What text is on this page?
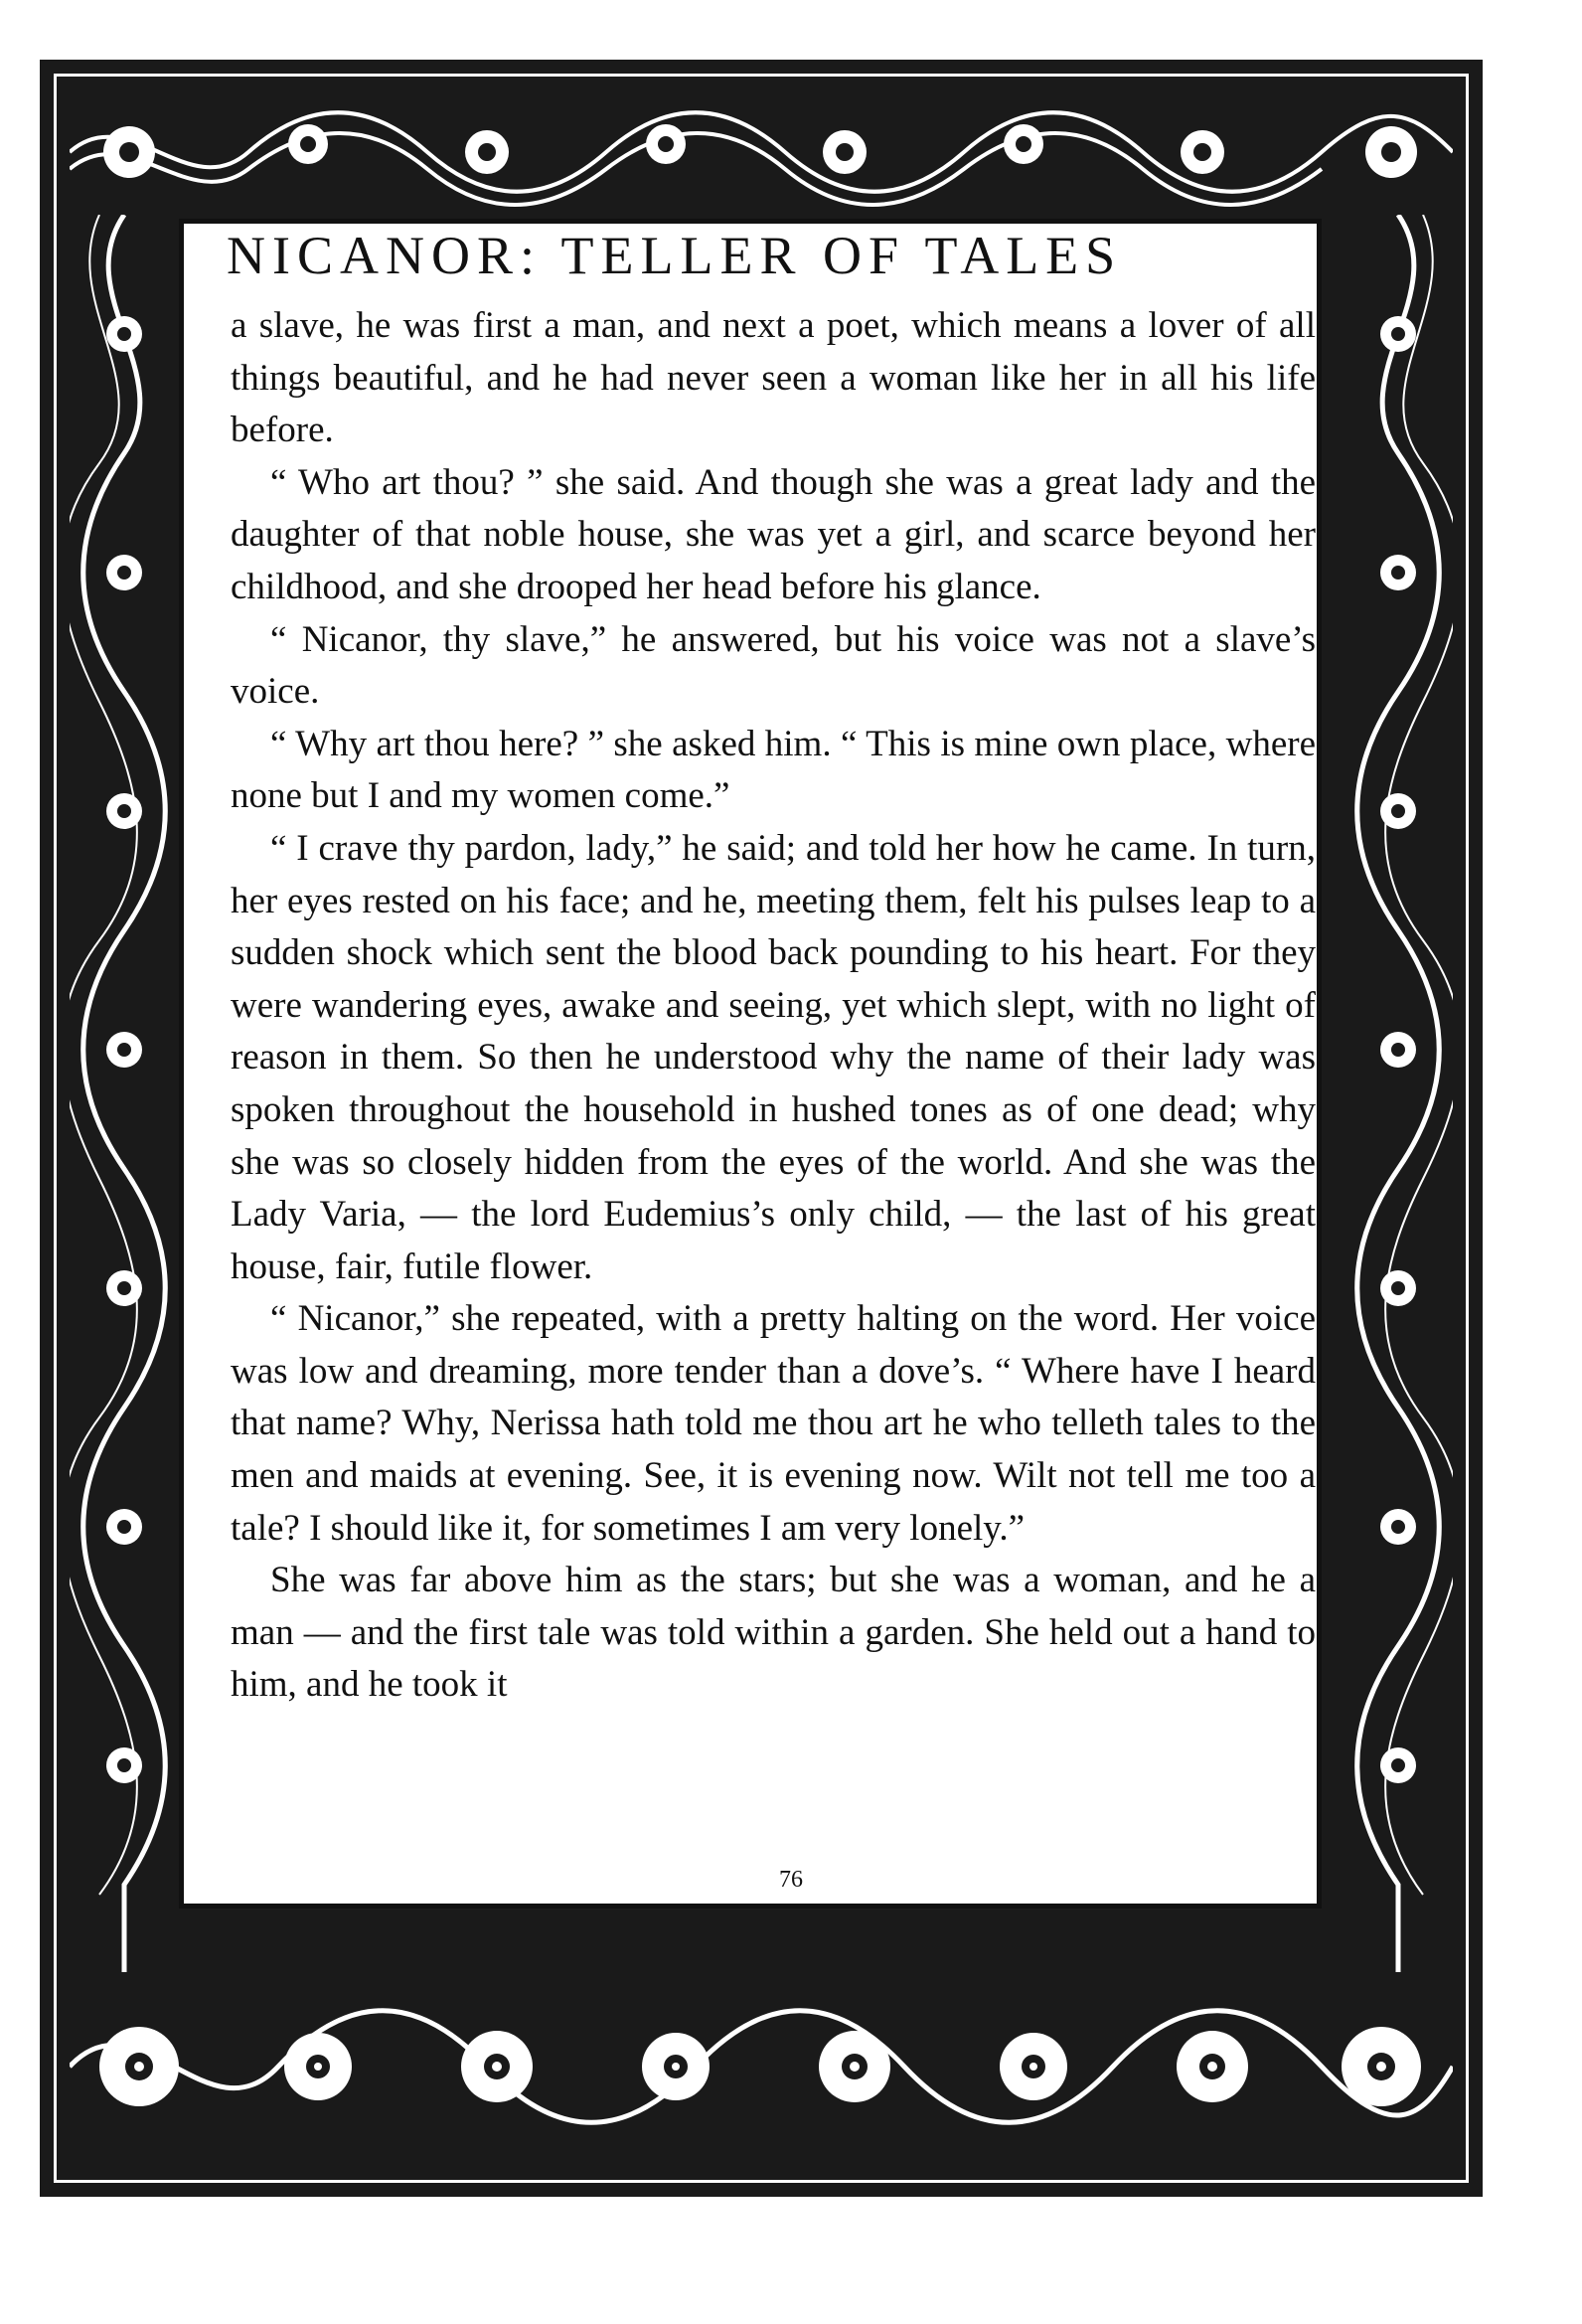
NICANOR: TELLER OF TALES

a slave, he was first a man, and next a poet, which means a lover of all things beautiful, and he had never seen a woman like her in all his life before.

“ Who art thou? ” she said. And though she was a great lady and the daughter of that noble house, she was yet a girl, and scarce beyond her childhood, and she drooped her head before his glance.

“ Nicanor, thy slave,” he answered, but his voice was not a slave’s voice.

“ Why art thou here? ” she asked him. “ This is mine own place, where none but I and my women come.”

“ I crave thy pardon, lady,” he said; and told her how he came. In turn, her eyes rested on his face; and he, meeting them, felt his pulses leap to a sudden shock which sent the blood back pounding to his heart. For they were wandering eyes, awake and seeing, yet which slept, with no light of reason in them. So then he understood why the name of their lady was spoken throughout the household in hushed tones as of one dead; why she was so closely hidden from the eyes of the world. And she was the Lady Varia, — the lord Eudemius’s only child, — the last of his great house, fair, futile flower.

“ Nicanor,” she repeated, with a pretty halting on the word. Her voice was low and dreaming, more tender than a dove’s. “ Where have I heard that name? Why, Nerissa hath told me thou art he who telleth tales to the men and maids at evening. See, it is evening now. Wilt not tell me too a tale? I should like it, for sometimes I am very lonely.”

She was far above him as the stars; but she was a woman, and he a man — and the first tale was told within a garden. She held out a hand to him, and he took it

76
